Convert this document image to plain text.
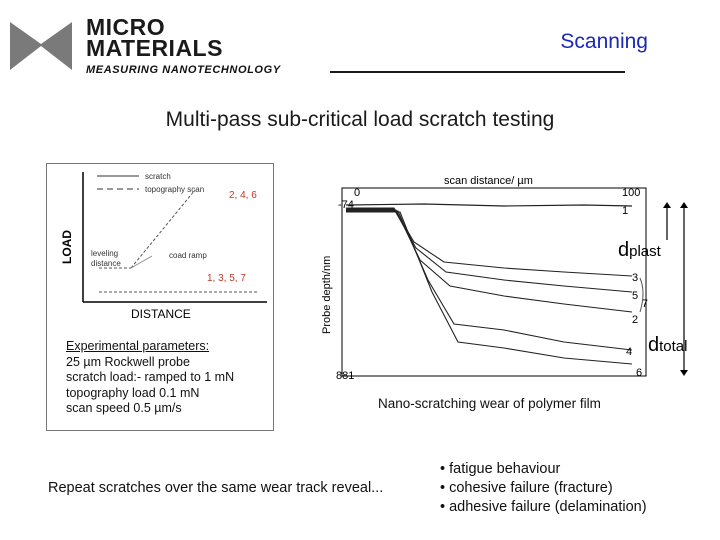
MICRO
MATERIALS
MEASURING NANOTECHNOLOGY
Scanning
Multi-pass sub-critical load scratch testing
LOAD
scratch
topography scan
2, 4, 6
1, 3, 5, 7
leveling
distance
coad ramp
DISTANCE
Experimental parameters:
25 µm Rockwell probe
scratch load:- ramped to 1 mN
topography load 0.1 mN
scan speed 0.5 µm/s
scan distance/ µm
Probe depth/nm
0	100
-74
881
1
3
5
2
4
6
7
dplast
dtotal
Nano-scratching wear of polymer film
Repeat scratches over the same wear track reveal...
• fatigue behaviour
• cohesive failure (fracture)
• adhesive failure (delamination)
